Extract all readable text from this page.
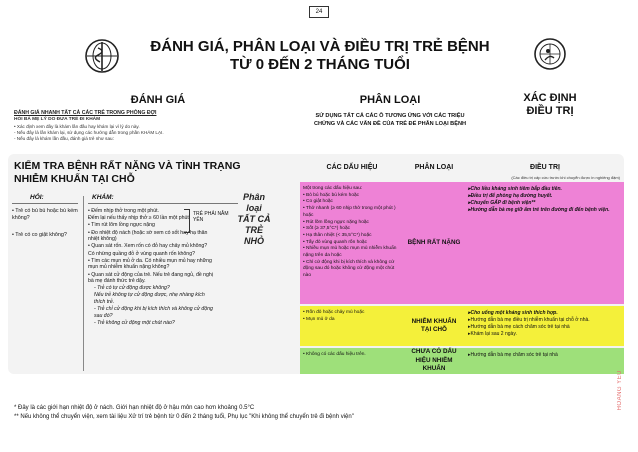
24
ĐÁNH GIÁ, PHÂN LOẠI VÀ ĐIỀU TRỊ TRẺ BỆNH
TỪ 0 ĐẾN 2 THÁNG TUỔI
ĐÁNH GIÁ
ĐÁNH GIÁ NHANH TẤT CẢ CÁC TRẺ TRONG PHÒNG ĐỢI
HỎI BÀ MẸ LÝ DO ĐƯA TRẺ ĐI KHÁM
• Xác định xem đây là khám lần đầu hay khám lại vì lý do này.
- Nếu đây là lần khám lại, sử dụng các hướng dẫn trong phần KHÁM LẠI.
- Nếu đây là khám lần đầu, đánh giá trẻ như sau:
PHÂN LOẠI
SỬ DỤNG TẤT CẢ CÁC Ô TƯƠNG ỨNG VỚI CÁC TRIỆU CHỨNG VÀ CÁC VẤN ĐỀ CỦA TRẺ ĐỂ PHÂN LOẠI BỆNH
XÁC ĐỊNH
ĐIỀU TRỊ
KIỂM TRA BỆNH RẤT NẶNG VÀ TÌNH TRẠNG
NHIỄM KHUẨN TẠI CHỖ
HỎI:	KHÁM:
• Trẻ có bú bú hoặc bú kém không?
• Trẻ có co giật không?
• Đếm nhịp thở trong một phút.
Đếm lại nếu thấy nhịp thở ≥ 60 lần một phút
• Tìm rút lõm lồng ngực nặng
• Đo nhiệt độ nách (hoặc sờ xem có sốt hay hạ thân nhiệt không)
• Quan sát rốn. Xem rốn có đỏ hay chảy mủ không?
Có nhừng quầng đỏ ở vùng quanh rốn không?
• Tìm các mụn mủ ở da. Có nhiều mụn mủ hay những mụn mủ nhiễm khuẩn nặng không?
• Quan sát cử động của trẻ. Nếu trẻ đang ngủ, đề nghị bà mẹ đánh thức trẻ dậy.
- Trẻ có tự cử động được không?
Nếu trẻ không tự cử động được, nhẹ nhàng kích thích trẻ.
- Trẻ chỉ cử động khi bị kích thích và không cử động sau đó?
- Trẻ không cử động một chút nào?
TRẺ PHẢI NẰM YÊN
Phân
loại
TẤT CẢ
TRẺ NHỎ
CÁC DẤU HIỆU	PHÂN LOẠI	ĐIỀU TRỊ
(Các điều trị cấp cứu trước khi chuyển được in nghiêng đậm)
Một trong các dấu hiệu sau:
• Bỏ bú hoặc bú kém hoặc
• Co giật hoặc
• Thở nhanh (≥ 60 nhịp thở trong một phút ) hoặc
• Rút lõm lồng ngực nặng hoặc
• Sốt (≥ 37,5°C*) hoặc
• Hạ thân nhiệt (< 35,5°C*) hoặc
• Tấy đỏ vùng quanh rốn hoặc
• Nhiều mụn mủ hoặc mụn mủ nhiễm khuẩn nặng trên da hoặc
• Chỉ cử động khi bị kích thích và không cử động sau đó hoặc không cử động một chút nào
BỆNH RẤT NẶNG
▸ Cho liều kháng sinh tiêm bắp đầu tiên.
▸ Điều trị để phòng hạ đường huyết.
▸ Chuyển GẤP đi bệnh viện**
▸ Hướng dẫn bà mẹ giữ ấm trẻ trên đường đi đến bệnh viện.
• Rốn đỏ hoặc chảy mủ hoặc
• Mụn mủ ở da	NHIỄM KHUẨN TẠI CHỖ
▸ Cho uống một kháng sinh thích hợp.
▸ Hướng dẫn bà mẹ điều trị nhiễm khuẩn tại chỗ ở nhà.
▸ Hướng dẫn bà mẹ cách chăm sóc trẻ tại nhà
▸ Khám lại sau 2 ngày.
• Không có các dấu hiệu trên.	CHƯA CÓ DẤU HIỆU NHIỄM KHUẨN
▸ Hướng dẫn bà mẹ chăm sóc trẻ tại nhà
* Đây là các giới hạn nhiệt độ ở nách. Giới hạn nhiệt độ ở hậu môn cao hơn khoảng 0.5°C
** Nếu không thể chuyển viện, xem tài liệu Xử trí trẻ bệnh từ 0 đến 2 tháng tuổi, Phụ lục "Khi không thể chuyển trẻ đi bệnh viện"
HOANG YEU
